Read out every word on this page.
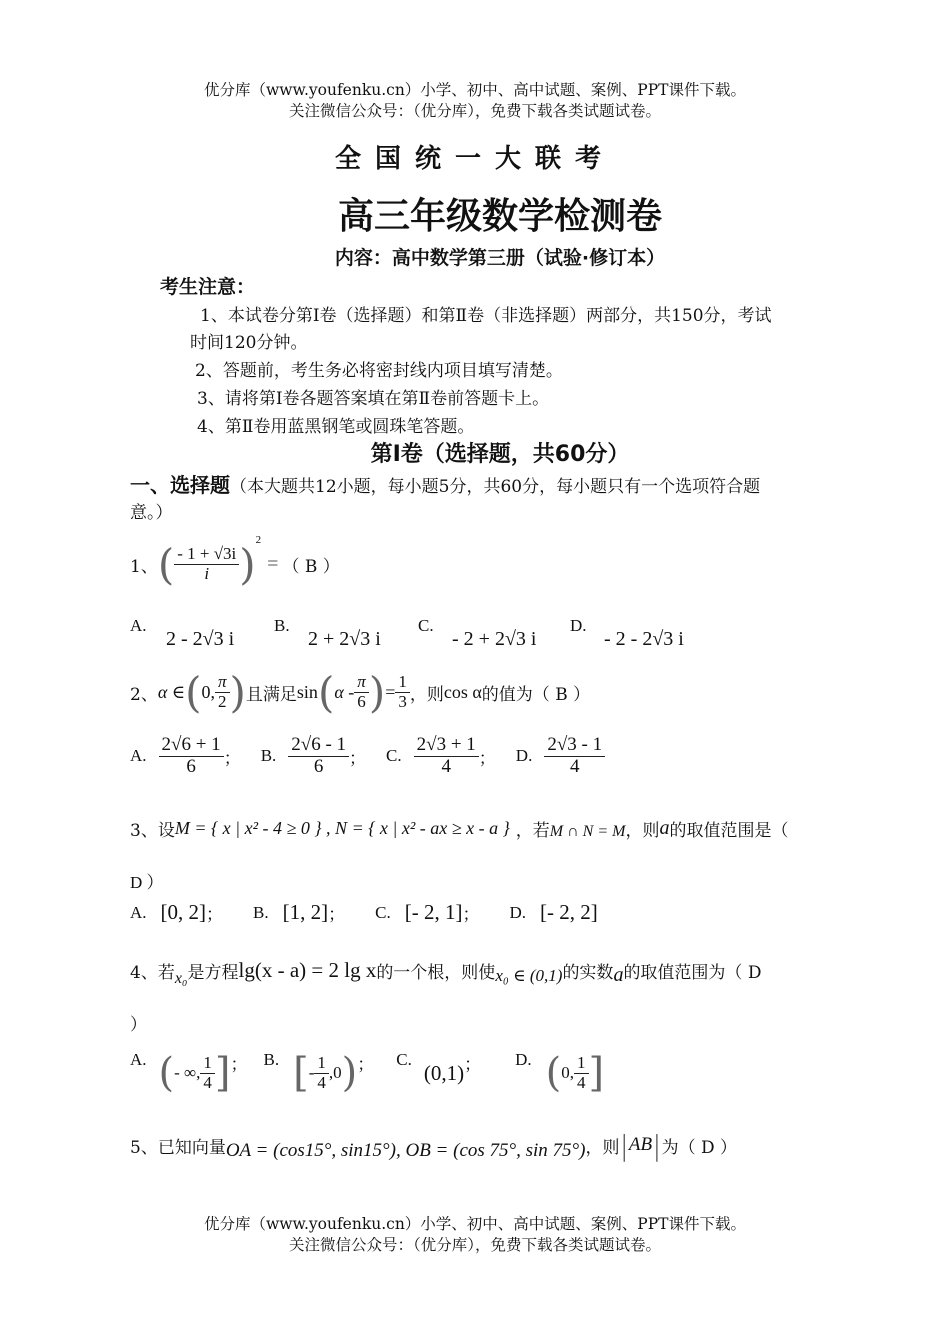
优分库（www.youfenku.cn）小学、初中、高中试题、案例、PPT课件下载。
关注微信公众号：（优分库），免费下载各类试题试卷。
全国统一大联考
高三年级数学检测卷
内容：高中数学第三册（试验·修订本）
考生注意：
1、本试卷分第Ⅰ卷（选择题）和第Ⅱ卷（非选择题）两部分，共150分，考试
时间120分钟。
2、答题前，考生务必将密封线内项目填写清楚。
3、请将第Ⅰ卷各题答案填在第Ⅱ卷前答题卡上。
4、第Ⅱ卷用蓝黑钢笔或圆珠笔答题。
第Ⅰ卷（选择题，共60分）
一、选择题（本大题共12小题，每小题5分，共60分，每小题只有一个选项符合题
意。）
1、 ( $\frac{- 1 + √3i}{i}$ ) 2
= （ B ）
A.
2 - 2√3 i
B.
2 + 2√3 i
C.
- 2 + 2√3 i
D.
- 2 - 2√3 i
2、 α ∈ ( 0, $\frac{\pi}{2}$ ) 且满足 sin ( α - $\frac{\pi}{6}$ ) = $\frac{1}{3}$ ，则 cos α 的值为（ B ）
A. $\frac{2√6 + 1}{6}$ ； B. $\frac{2√6 - 1}{6}$ ； C. $\frac{2√3 + 1}{4}$ ； D. $\frac{2√3 - 1}{4}$
3、设 M = { x | x² - 4 ≥ 0 } , N = { x | x² - ax ≥ x - a } ，若 M ∩ N = M ，则 a 的取值范围是（
D ）
A. [0, 2] ； B. [1, 2] ； C. [- 2, 1] ； D. [- 2, 2]
4、若 x₀ 是方程 lg(x - a) = 2 lg x 的一个根，则使 x₀ ∈ (0,1) 的实数 a 的取值范围为（ D
）
A. ( - ∞, $\frac{1}{4}$ ] ； B. [ - $\frac{1}{4} ,0$ ) ； C.
(0,1) ； D. ( 0, $\frac{1}{4}$ ]
5、已知向量 OA = (cos15°, sin15°), OB = (cos 75°, sin 75°) ，则 | AB | 为（ D ）
优分库（www.youfenku.cn）小学、初中、高中试题、案例、PPT课件下载。
关注微信公众号：（优分库），免费下载各类试题试卷。
